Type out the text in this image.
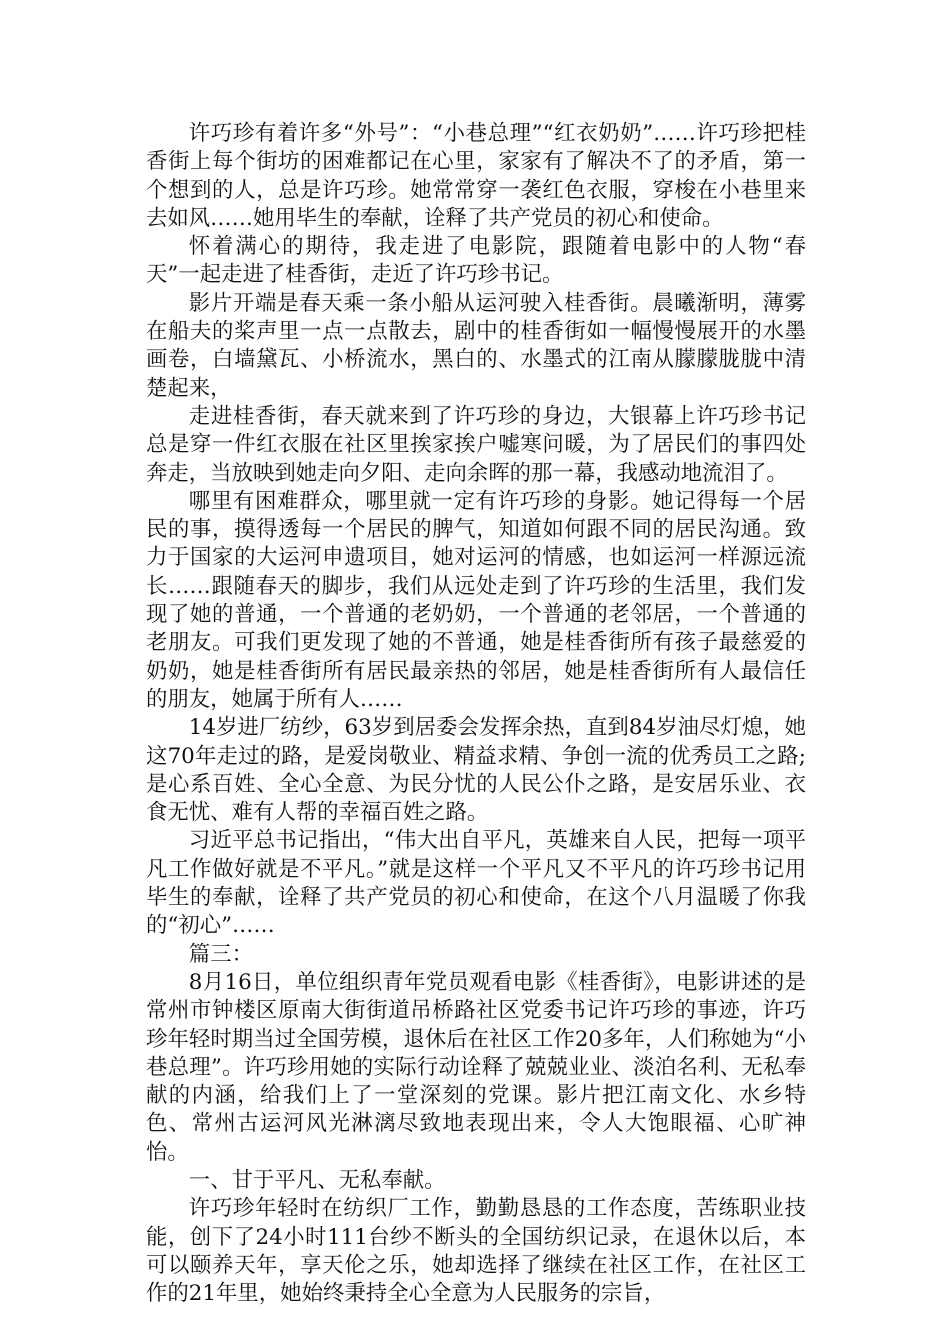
许巧珍有着许多“外号”：“小巷总理”“红衣奶奶”……许巧珍把桂香街上每个街坊的困难都记在心里，家家有了解决不了的矛盾，第一个想到的人，总是许巧珍。她常常穿一袭红色衣服，穿梭在小巷里来去如风……她用毕生的奉献，诠释了共产党员的初心和使命。

怀着满心的期待，我走进了电影院，跟随着电影中的人物“春天”一起走进了桂香街，走近了许巧珍书记。

影片开端是春天乘一条小船从运河驶入桂香街。晨曦渐明，薄雾在船夫的桨声里一点一点散去，剧中的桂香街如一幅慢慢展开的水墨画卷，白墙黛瓦、小桥流水，黑白的、水墨式的江南从朦朦胧胧中清楚起来，

走进桂香街，春天就来到了许巧珍的身边，大银幕上许巧珍书记总是穿一件红衣服在社区里挨家挨户嘘寒问暖，为了居民们的事四处奔走，当放映到她走向夕阳、走向余晖的那一幕，我感动地流泪了。

哪里有困难群众，哪里就一定有许巧珍的身影。她记得每一个居民的事，摸得透每一个居民的脾气，知道如何跟不同的居民沟通。致力于国家的大运河申遗项目，她对运河的情感，也如运河一样源远流长……跟随春天的脚步，我们从远处走到了许巧珍的生活里，我们发现了她的普通，一个普通的老奶奶，一个普通的老邻居，一个普通的老朋友。可我们更发现了她的不普通，她是桂香街所有孩子最慈爱的奶奶，她是桂香街所有居民最亲热的邻居，她是桂香街所有人最信任的朋友，她属于所有人……

14岁进厂纺纱，63岁到居委会发挥余热，直到84岁油尽灯熄，她这70年走过的路，是爱岗敬业、精益求精、争创一流的优秀员工之路;是心系百姓、全心全意、为民分忧的人民公仆之路，是安居乐业、衣食无忧、难有人帮的幸福百姓之路。

习近平总书记指出，“伟大出自平凡，英雄来自人民，把每一项平凡工作做好就是不平凡。”就是这样一个平凡又不平凡的许巧珍书记用毕生的奉献，诠释了共产党员的初心和使命，在这个八月温暖了你我的“初心”……

篇三：

8月16日，单位组织青年党员观看电影《桂香街》，电影讲述的是常州市钟楼区原南大街街道吊桥路社区党委书记许巧珍的事迹，许巧珍年轻时期当过全国劳模，退休后在社区工作20多年，人们称她为“小巷总理”。许巧珍用她的实际行动诠释了兢兢业业、淡泊名利、无私奉献的内涵，给我们上了一堂深刻的党课。影片把江南文化、水乡特色、常州古运河风光淋漓尽致地表现出来，令人大饱眼福、心旷神怡。

一、甘于平凡、无私奉献。

许巧珍年轻时在纺织厂工作，勤勤恳恳的工作态度，苦练职业技能，创下了24小时111台纱不断头的全国纺织记录，在退休以后，本可以颐养天年，享天伦之乐，她却选择了继续在社区工作，在社区工作的21年里，她始终秉持全心全意为人民服务的宗旨，
